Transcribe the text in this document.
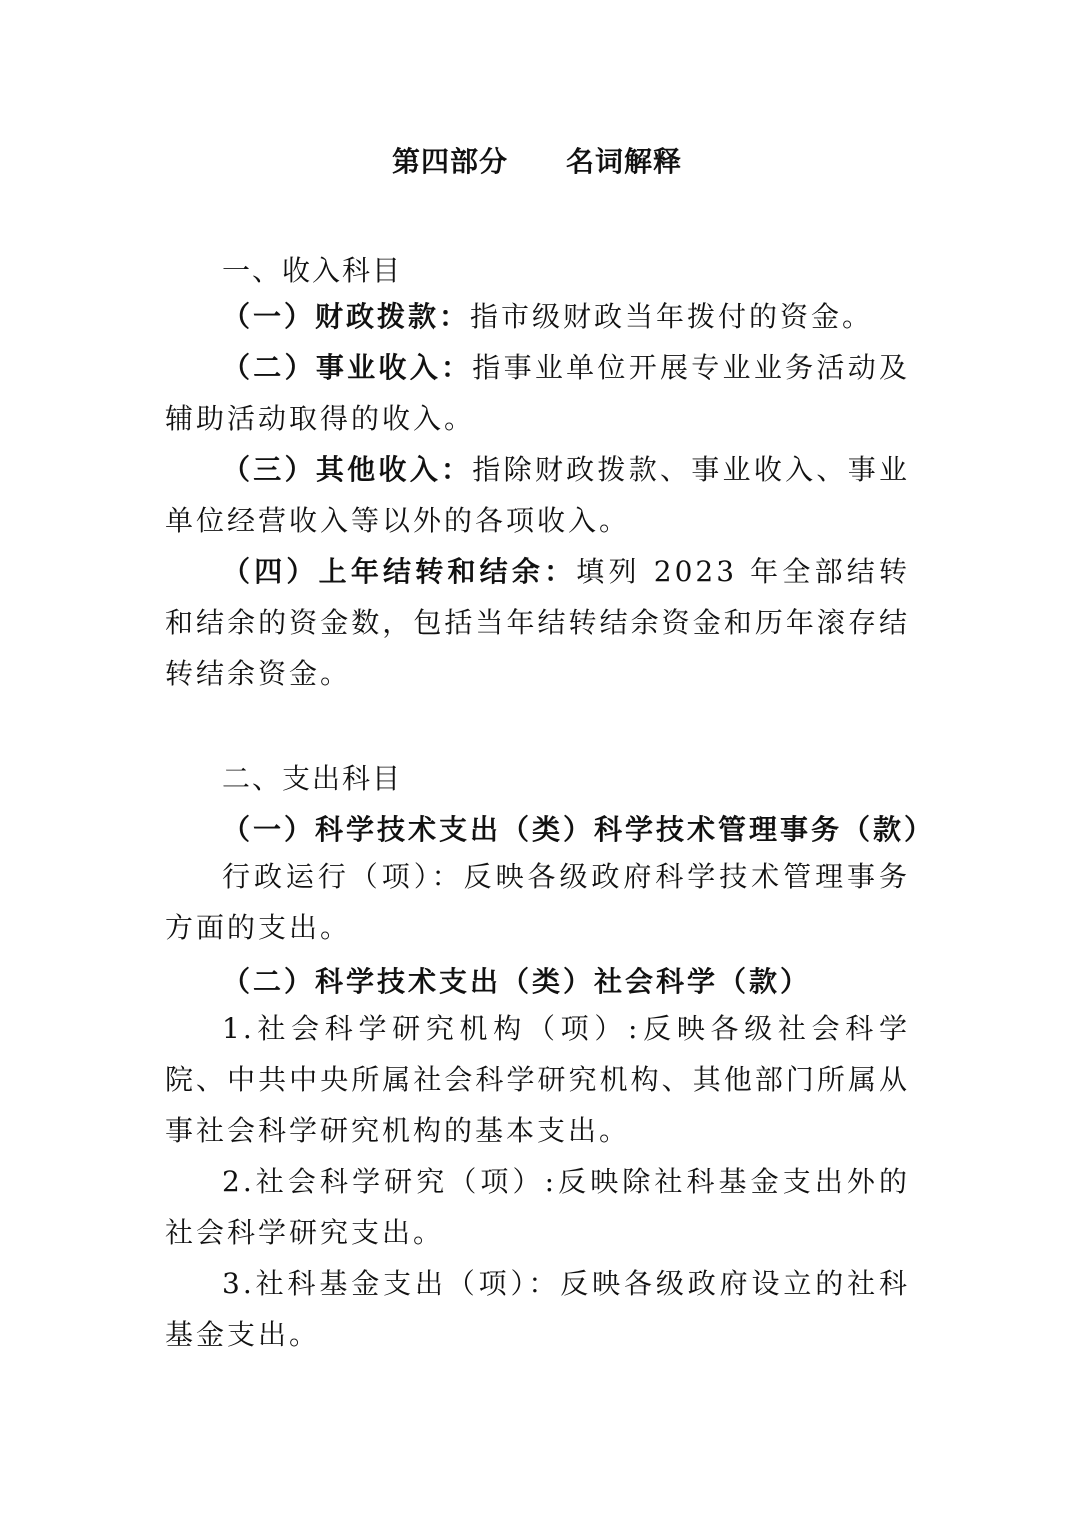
第四部分　　名词解释
一、收入科目
（一）财政拨款：指市级财政当年拨付的资金。
（二）事业收入：指事业单位开展专业业务活动及辅助活动取得的收入。
（三）其他收入：指除财政拨款、事业收入、事业单位经营收入等以外的各项收入。
（四）上年结转和结余：填列 2023 年全部结转和结余的资金数，包括当年结转结余资金和历年滚存结转结余资金。
二、支出科目
（一）科学技术支出（类）科学技术管理事务（款）
行政运行（项）：反映各级政府科学技术管理事务方面的支出。
（二）科学技术支出（类）社会科学（款）
1.社会科学研究机构（项）:反映各级社会科学院、中共中央所属社会科学研究机构、其他部门所属从事社会科学研究机构的基本支出。
2.社会科学研究（项）:反映除社科基金支出外的社会科学研究支出。
3.社科基金支出（项）：反映各级政府设立的社科基金支出。
